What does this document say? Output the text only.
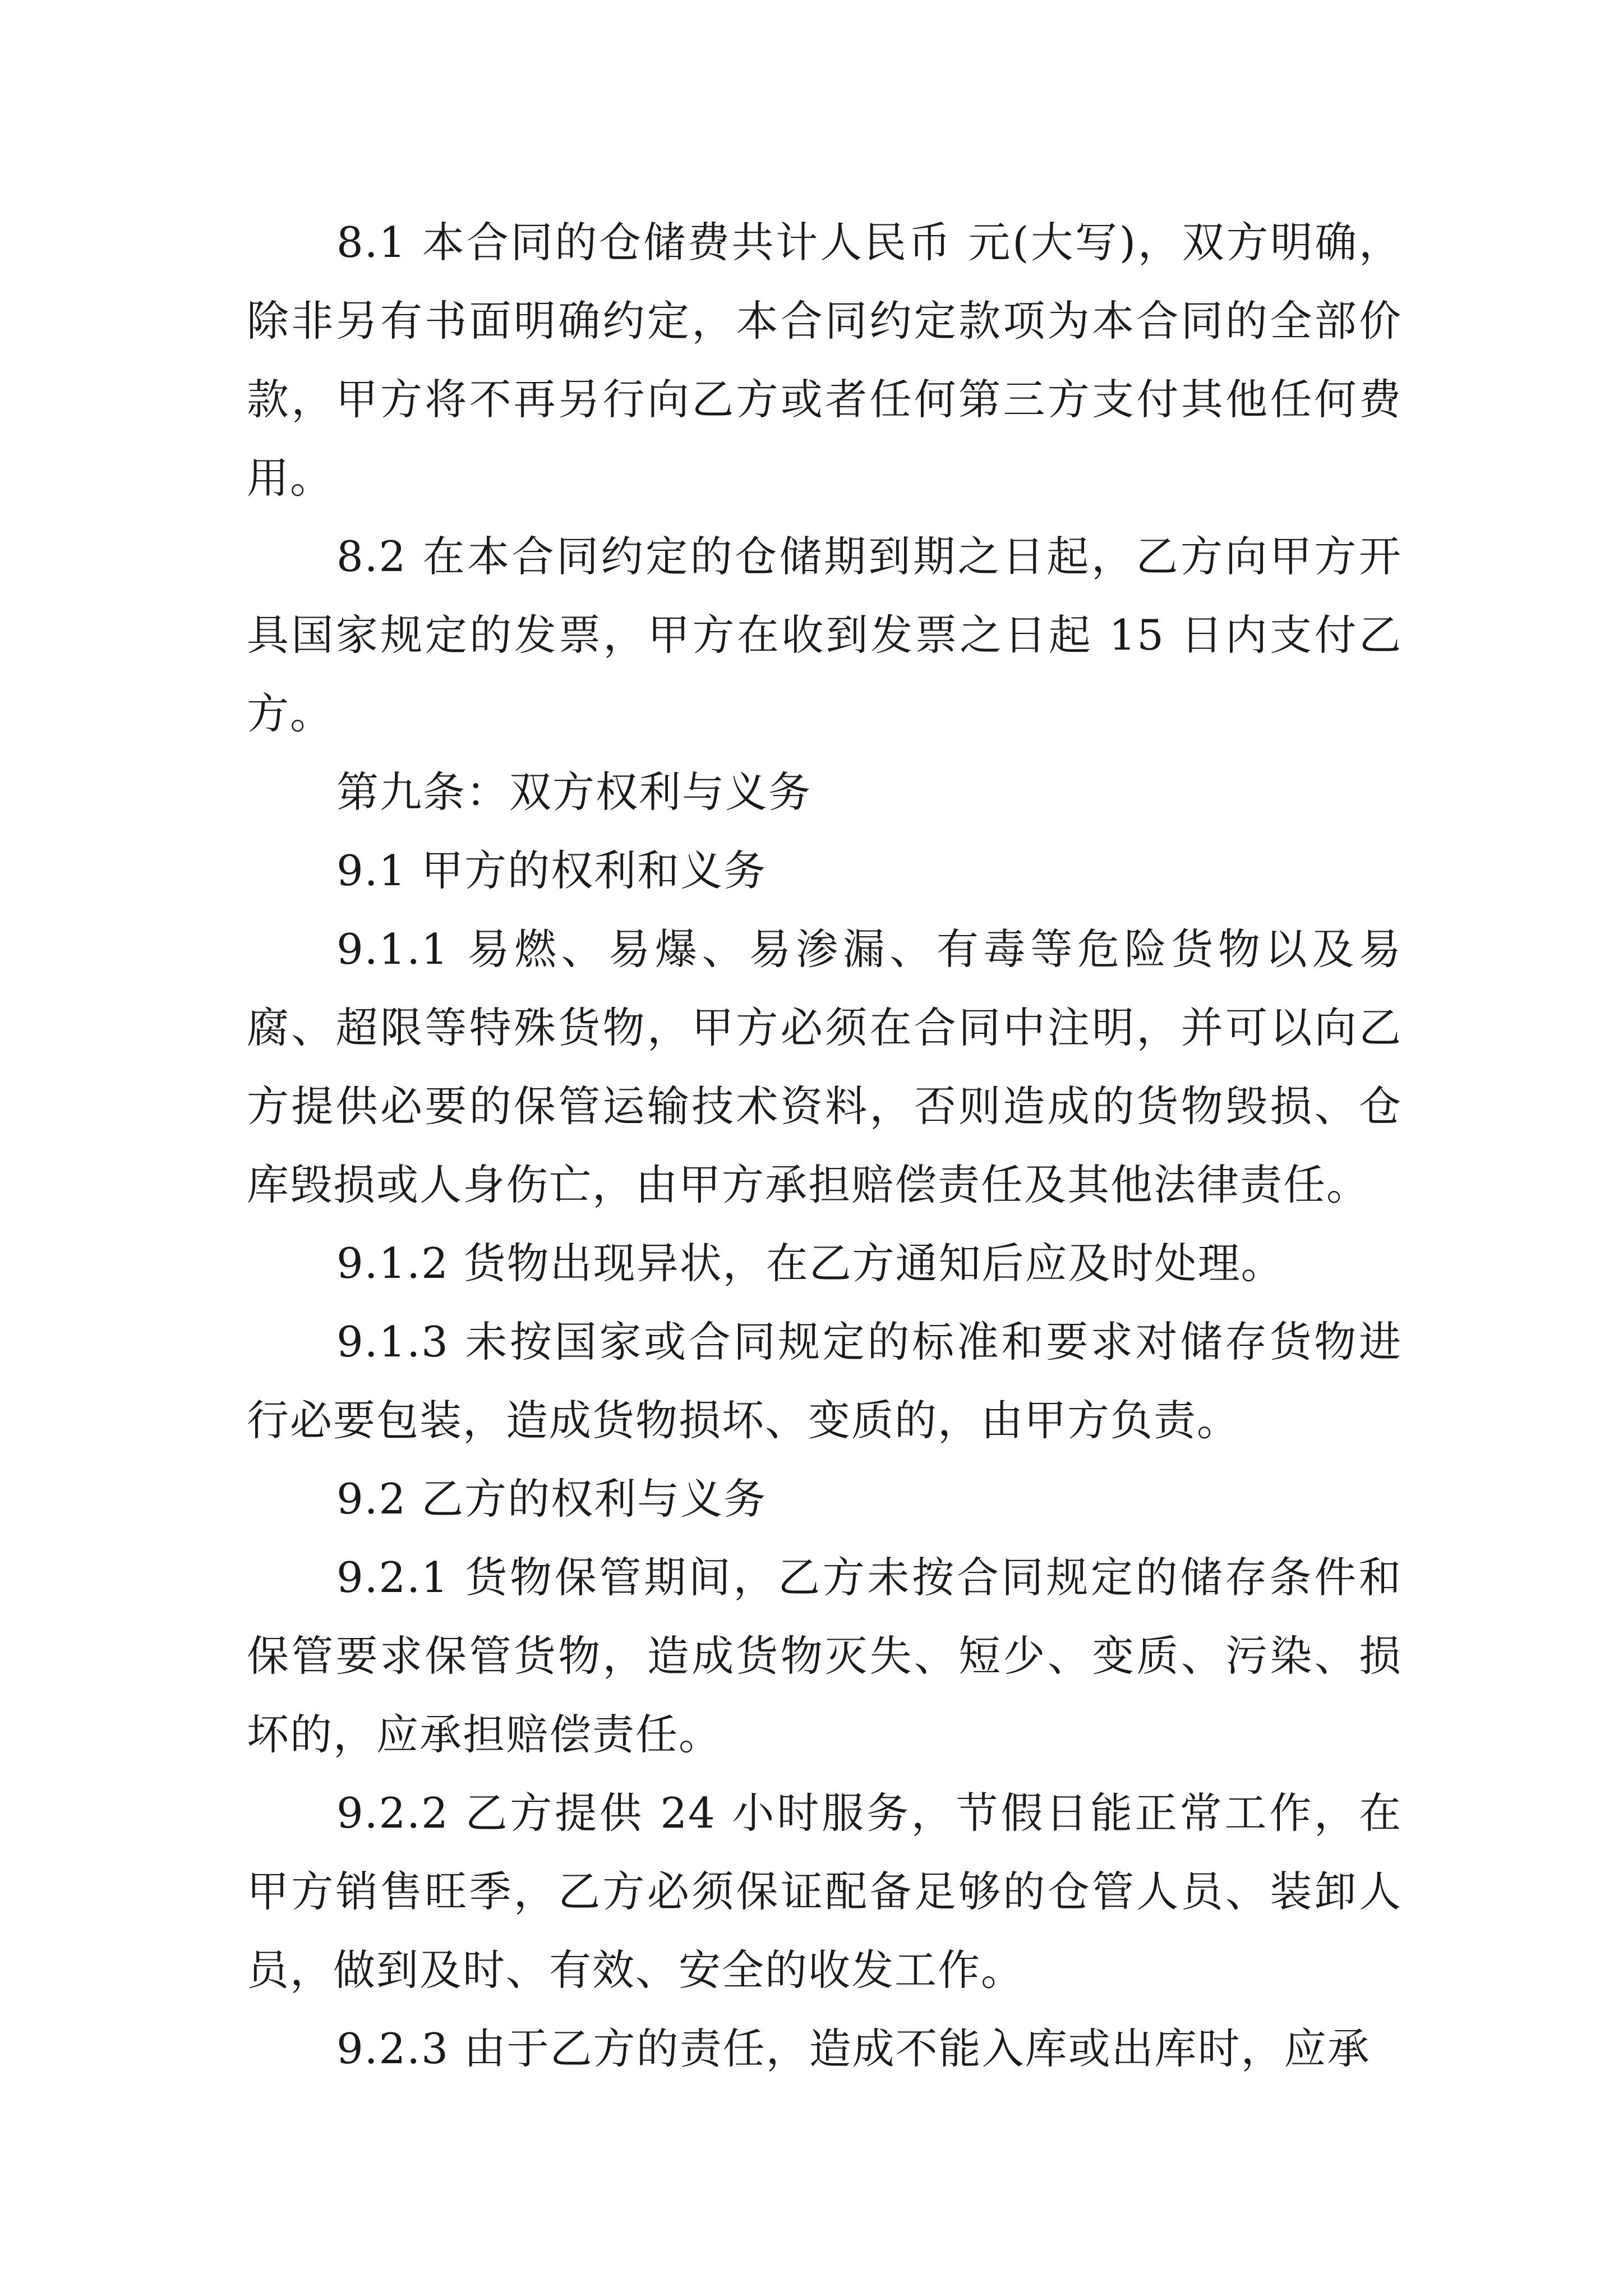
8.1 本合同的仓储费共计人民币 元(大写)，双方明确，除非另有书面明确约定，本合同约定款项为本合同的全部价款，甲方将不再另行向乙方或者任何第三方支付其他任何费用。

8.2 在本合同约定的仓储期到期之日起，乙方向甲方开具国家规定的发票，甲方在收到发票之日起 15 日内支付乙方。

第九条：双方权利与义务

9.1 甲方的权利和义务

9.1.1 易燃、易爆、易渗漏、有毒等危险货物以及易腐、超限等特殊货物，甲方必须在合同中注明，并可以向乙方提供必要的保管运输技术资料，否则造成的货物毁损、仓库毁损或人身伤亡，由甲方承担赔偿责任及其他法律责任。

9.1.2 货物出现异状，在乙方通知后应及时处理。

9.1.3 未按国家或合同规定的标准和要求对储存货物进行必要包装，造成货物损坏、变质的，由甲方负责。

9.2 乙方的权利与义务

9.2.1 货物保管期间，乙方未按合同规定的储存条件和保管要求保管货物，造成货物灭失、短少、变质、污染、损坏的，应承担赔偿责任。

9.2.2 乙方提供 24 小时服务，节假日能正常工作，在甲方销售旺季，乙方必须保证配备足够的仓管人员、装卸人员，做到及时、有效、安全的收发工作。

9.2.3 由于乙方的责任，造成不能入库或出库时，应承
